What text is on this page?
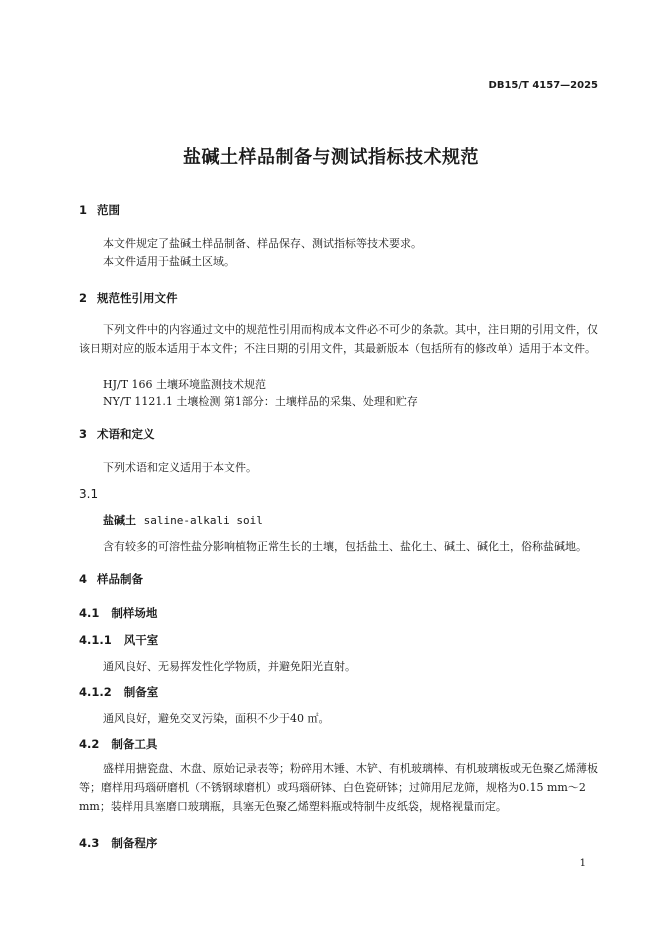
DB15/T 4157—2025
盐碱土样品制备与测试指标技术规范
1 范围
本文件规定了盐碱土样品制备、样品保存、测试指标等技术要求。
本文件适用于盐碱土区域。
2 规范性引用文件
下列文件中的内容通过文中的规范性引用而构成本文件必不可少的条款。其中，注日期的引用文件，仅该日期对应的版本适用于本文件；不注日期的引用文件，其最新版本（包括所有的修改单）适用于本文件。
HJ/T 166 土壤环境监测技术规范
NY/T 1121.1 土壤检测 第1部分：土壤样品的采集、处理和贮存
3 术语和定义
下列术语和定义适用于本文件。
3.1
盐碱土 saline-alkali soil
含有较多的可溶性盐分影响植物正常生长的土壤，包括盐土、盐化土、碱土、碱化土，俗称盐碱地。
4 样品制备
4.1 制样场地
4.1.1 风干室
通风良好、无易挥发性化学物质，并避免阳光直射。
4.1.2 制备室
通风良好，避免交叉污染，面积不少于40 ㎡。
4.2 制备工具
盛样用搪瓷盘、木盘、原始记录表等；粉碎用木锤、木铲、有机玻璃棒、有机玻璃板或无色聚乙烯薄板等；磨样用玛瑙研磨机（不锈钢球磨机）或玛瑙研钵、白色瓷研钵；过筛用尼龙筛，规格为0.15 mm～2 mm；装样用具塞磨口玻璃瓶，具塞无色聚乙烯塑料瓶或特制牛皮纸袋，规格视量而定。
4.3 制备程序
1
